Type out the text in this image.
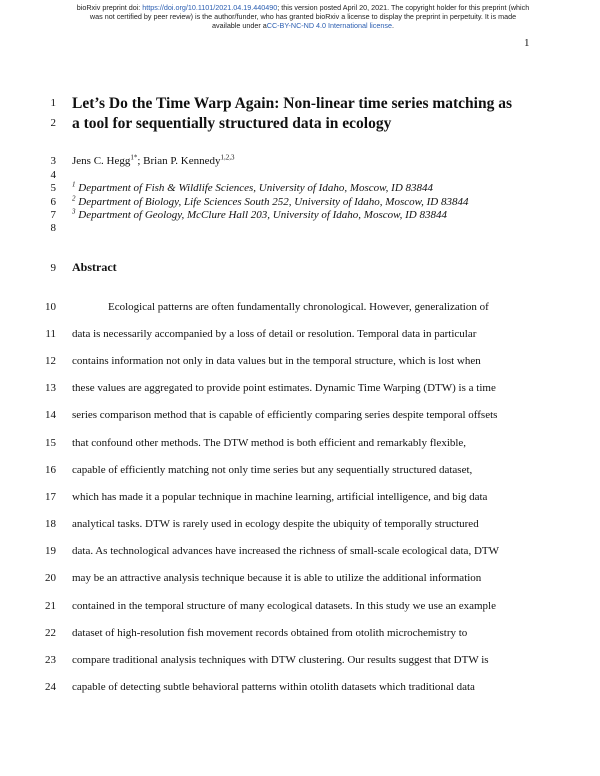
bioRxiv preprint doi: https://doi.org/10.1101/2021.04.19.440490; this version posted April 20, 2021. The copyright holder for this preprint (which
was not certified by peer review) is the author/funder, who has granted bioRxiv a license to display the preprint in perpetuity. It is made
available under aCC-BY-NC-ND 4.0 International license.
1
1
2
3
4
5
6
7
8
9
10
11
12
13
14
15
16
17
18
19
20
21
22
23
24
Let’s Do the Time Warp Again: Non-linear time series matching as
a tool for sequentially structured data in ecology
Jens C. Hegg$^{1*}$; Brian P. Kennedy$^{1,2,3}$
$^1$ Department of Fish & Wildlife Sciences, University of Idaho, Moscow, ID 83844
$^2$ Department of Biology, Life Sciences South 252, University of Idaho, Moscow, ID 83844
$^3$ Department of Geology, McClure Hall 203, University of Idaho, Moscow, ID 83844
Abstract
Ecological patterns are often fundamentally chronological. However, generalization of
data is necessarily accompanied by a loss of detail or resolution. Temporal data in particular
contains information not only in data values but in the temporal structure, which is lost when
these values are aggregated to provide point estimates. Dynamic Time Warping (DTW) is a time
series comparison method that is capable of efficiently comparing series despite temporal offsets
that confound other methods. The DTW method is both efficient and remarkably flexible,
capable of efficiently matching not only time series but any sequentially structured dataset,
which has made it a popular technique in machine learning, artificial intelligence, and big data
analytical tasks. DTW is rarely used in ecology despite the ubiquity of temporally structured
data. As technological advances have increased the richness of small-scale ecological data, DTW
may be an attractive analysis technique because it is able to utilize the additional information
contained in the temporal structure of many ecological datasets. In this study we use an example
dataset of high-resolution fish movement records obtained from otolith microchemistry to
compare traditional analysis techniques with DTW clustering. Our results suggest that DTW is
capable of detecting subtle behavioral patterns within otolith datasets which traditional data
